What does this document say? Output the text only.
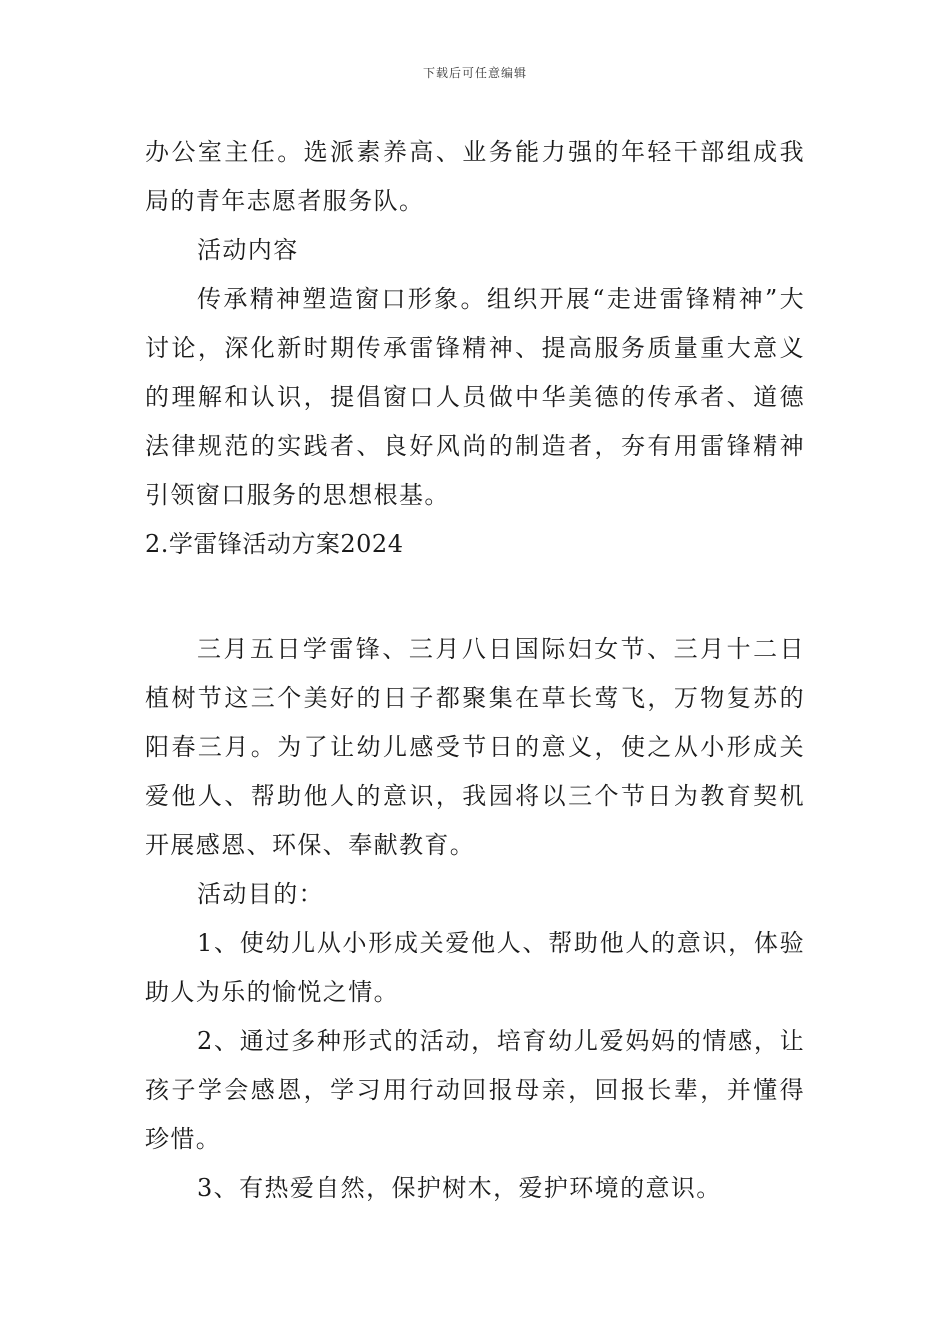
下载后可任意编辑

办公室主任。选派素养高、业务能力强的年轻干部组成我局的青年志愿者服务队。

活动内容

传承精神塑造窗口形象。组织开展“走进雷锋精神”大讨论，深化新时期传承雷锋精神、提高服务质量重大意义的理解和认识，提倡窗口人员做中华美德的传承者、道德法律规范的实践者、良好风尚的制造者，夯有用雷锋精神引领窗口服务的思想根基。

2.学雷锋活动方案2024

三月五日学雷锋、三月八日国际妇女节、三月十二日植树节这三个美好的日子都聚集在草长莺飞，万物复苏的阳春三月。为了让幼儿感受节日的意义，使之从小形成关爱他人、帮助他人的意识，我园将以三个节日为教育契机开展感恩、环保、奉献教育。

活动目的：

1、使幼儿从小形成关爱他人、帮助他人的意识，体验助人为乐的愉悦之情。

2、通过多种形式的活动，培育幼儿爱妈妈的情感，让孩子学会感恩，学习用行动回报母亲，回报长辈，并懂得珍惜。

3、有热爱自然，保护树木，爱护环境的意识。
